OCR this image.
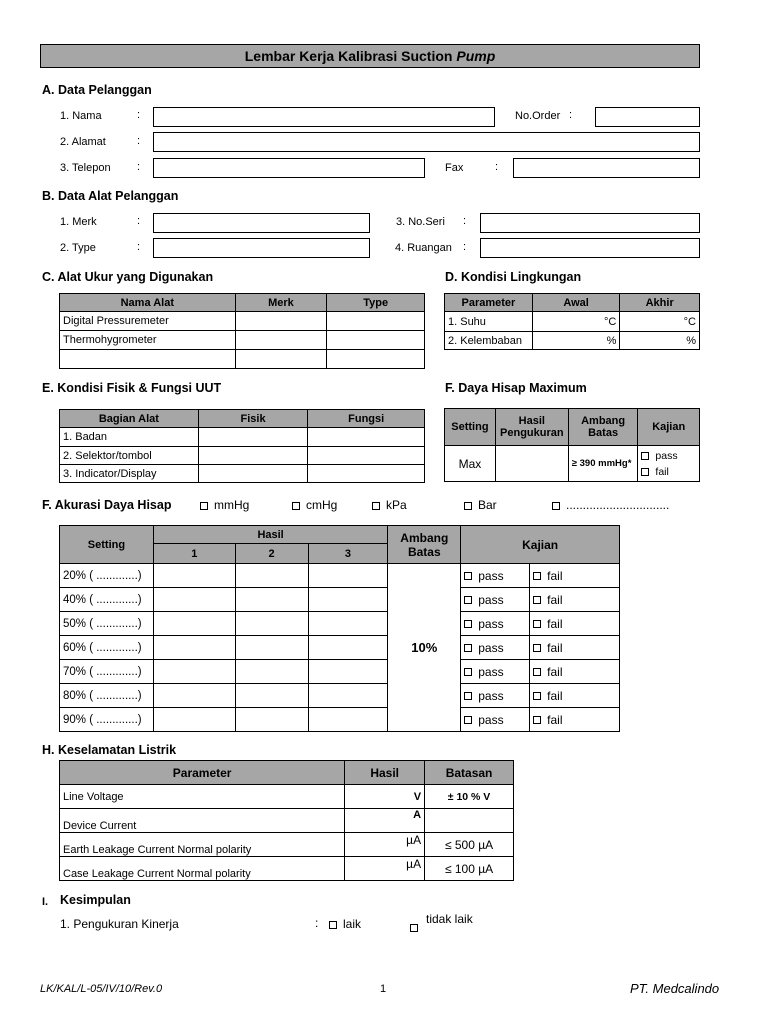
Lembar Kerja Kalibrasi Suction Pump
A. Data Pelanggan
1. Nama	:	No.Order :
2. Alamat	:
3. Telepon :	Fax	:
B. Data Alat Pelanggan
1. Merk	:	3. No.Seri :
2. Type	:	4. Ruangan :
C. Alat Ukur yang Digunakan
Nama Alat	Merk	Type
Digital Pressuremeter		
Thermohygrometer		

D. Kondisi Lingkungan
Parameter	Awal	Akhir
1. Suhu	°C	°C
2. Kelembaban	%	%
E. Kondisi Fisik & Fungsi UUT
Bagian Alat	Fisik	Fungsi
1. Badan		
2. Selektor/tombol		
3. Indicator/Display		
F. Daya Hisap Maximum
Setting	Hasil Pengukuran	Ambang Batas	Kajian
Max		≥ 390 mmHg*	pass
fail
F. Akurasi Daya Hisap	mmHg	cmHg	kPa	Bar	...............................
Setting	Hasil			Ambang Batas	Kajian	
	1	2	3			
20% ( .............)				10%	pass	fail
40% ( .............)					pass	fail
50% ( .............)					pass	fail
60% ( .............)					pass	fail
70% ( .............)					pass	fail
80% ( .............)					pass	fail
90% ( .............)					pass	fail
H. Keselamatan Listrik
Parameter	Hasil	Batasan
Line Voltage	V	± 10 % V
Device Current	A	
Earth Leakage Current Normal polarity	µA	≤ 500 µA
Case Leakage Current Normal polarity	µA	≤ 100 µA
I. Kesimpulan
1. Pengukuran Kinerja	:	laik	tidak laik
LK/KAL/L-05/IV/10/Rev.0	1	PT. Medcalindo
